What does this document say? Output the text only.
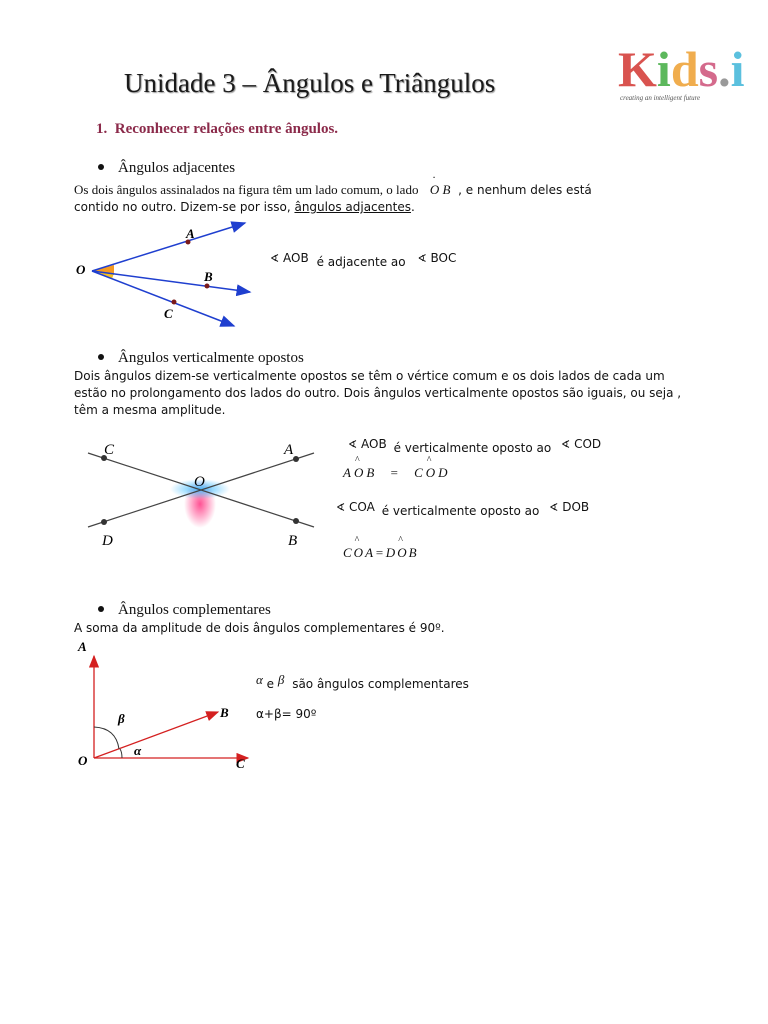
Kids.i
creating an intelligent future
Unidade 3 – Ângulos e Triângulos
1. Reconhecer relações entre ângulos.
Ângulos adjacentes
Os dois ângulos assinalados na figura têm um lado comum, o lado   ˙ O B , e nenhum deles está
contido no outro. Dizem-se por isso, ângulos adjacentes.
O
A
B
C
∢ AOB é adjacente ao ∢ BOC
Ângulos verticalmente opostos
Dois ângulos dizem-se verticalmente opostos se têm o vértice comum e os dois lados de cada um
estão no prolongamento dos lados do outro. Dois ângulos verticalmente opostos são iguais, ou seja ,
têm a mesma amplitude.
C	A
O
D	B
∢ AOB é verticalmente oposto ao ∢ COD
A^ OB = C^ OD
∢ COA é verticalmente oposto ao ∢ DOB
C^ OA=D^ OB
Ângulos complementares
A soma da amplitude de dois ângulos complementares é 90º.
A
B
O	C
β
α
α e β são ângulos complementares
α+β= 90º
